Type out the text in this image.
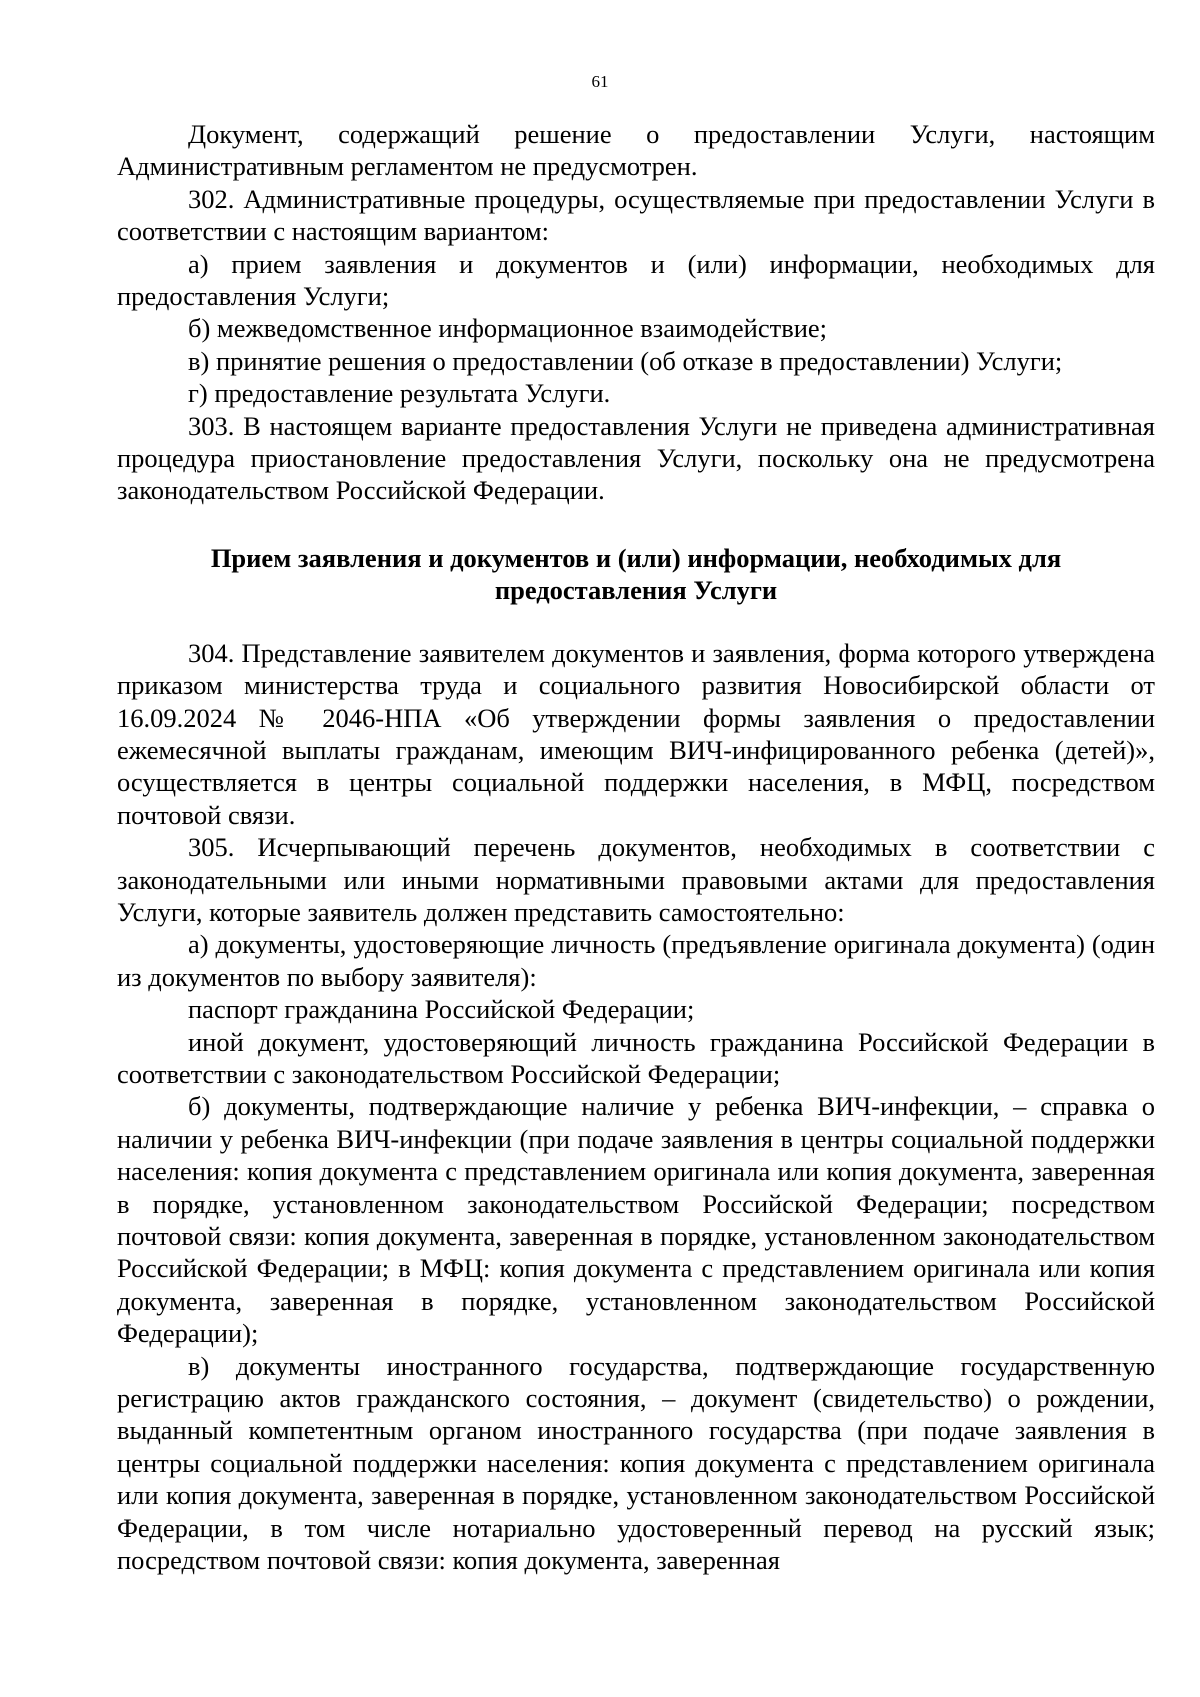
61

Документ, содержащий решение о предоставлении Услуги, настоящим Административным регламентом не предусмотрен.

302. Административные процедуры, осуществляемые при предоставлении Услуги в соответствии с настоящим вариантом:

а) прием заявления и документов и (или) информации, необходимых для предоставления Услуги;

б) межведомственное информационное взаимодействие;

в) принятие решения о предоставлении (об отказе в предоставлении) Услуги;

г) предоставление результата Услуги.

303. В настоящем варианте предоставления Услуги не приведена административная процедура приостановление предоставления Услуги, поскольку она не предусмотрена законодательством Российской Федерации.

Прием заявления и документов и (или) информации, необходимых для предоставления Услуги

304. Представление заявителем документов и заявления, форма которого утверждена приказом министерства труда и социального развития Новосибирской области от 16.09.2024 № 2046-НПА «Об утверждении формы заявления о предоставлении ежемесячной выплаты гражданам, имеющим ВИЧ-инфицированного ребенка (детей)», осуществляется в центры социальной поддержки населения, в МФЦ, посредством почтовой связи.

305. Исчерпывающий перечень документов, необходимых в соответствии с законодательными или иными нормативными правовыми актами для предоставления Услуги, которые заявитель должен представить самостоятельно:

а) документы, удостоверяющие личность (предъявление оригинала документа) (один из документов по выбору заявителя):

паспорт гражданина Российской Федерации;

иной документ, удостоверяющий личность гражданина Российской Федерации в соответствии с законодательством Российской Федерации;

б) документы, подтверждающие наличие у ребенка ВИЧ-инфекции, – справка о наличии у ребенка ВИЧ-инфекции (при подаче заявления в центры социальной поддержки населения: копия документа с представлением оригинала или копия документа, заверенная в порядке, установленном законодательством Российской Федерации; посредством почтовой связи: копия документа, заверенная в порядке, установленном законодательством Российской Федерации; в МФЦ: копия документа с представлением оригинала или копия документа, заверенная в порядке, установленном законодательством Российской Федерации);

в) документы иностранного государства, подтверждающие государственную регистрацию актов гражданского состояния, – документ (свидетельство) о рождении, выданный компетентным органом иностранного государства (при подаче заявления в центры социальной поддержки населения: копия документа с представлением оригинала или копия документа, заверенная в порядке, установленном законодательством Российской Федерации, в том числе нотариально удостоверенный перевод на русский язык; посредством почтовой связи: копия документа, заверенная
